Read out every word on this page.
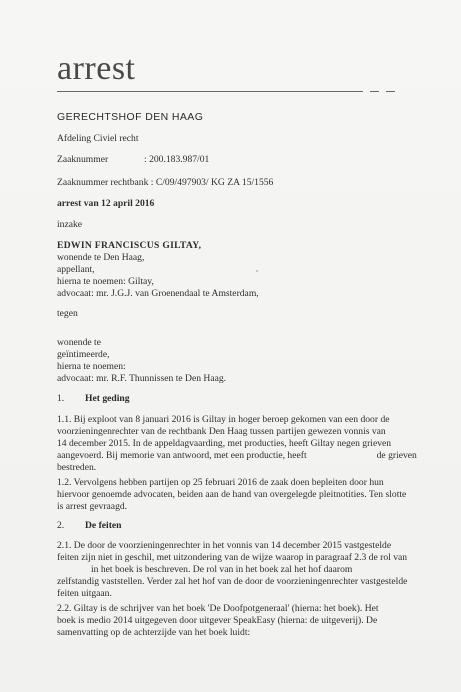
arrest
GERECHTSHOF DEN HAAG
Afdeling Civiel recht
Zaaknummer	: 200.183.987/01
Zaaknummer rechtbank : C/09/497903/ KG ZA 15/1556
arrest van 12 april 2016
inzake
EDWIN FRANCISCUS GILTAY,
wonende te Den Haag,
appellant,
hierna te noemen: Giltay,
advocaat: mr. J.G.J. van Groenendaal te Amsterdam,
tegen
wonende te
geïntimeerde,
hierna te noemen:
advocaat: mr. R.F. Thunnissen te Den Haag.
1. Het geding
1.1. Bij exploot van 8 januari 2016 is Giltay in hoger beroep gekomen van een door de
voorzieningenrechter van de rechtbank Den Haag tussen partijen gewezen vonnis van
14 december 2015. In de appeldagvaarding, met producties, heeft Giltay negen grieven
aangevoerd. Bij memorie van antwoord, met een productie, heeft	de grieven
bestreden.
1.2. Vervolgens hebben partijen op 25 februari 2016 de zaak doen bepleiten door hun
hiervoor genoemde advocaten, beiden aan de hand van overgelegde pleitnotities. Ten slotte
is arrest gevraagd.
2. De feiten
2.1. De door de voorzieningenrechter in het vonnis van 14 december 2015 vastgestelde
feiten zijn niet in geschil, met uitzondering van de wijze waarop in paragraaf 2.3 de rol van
in het boek is beschreven. De rol van in het boek zal het hof daarom
zelfstandig vaststellen. Verder zal het hof van de door de voorzieningenrechter vastgestelde
feiten uitgaan.
2.2. Giltay is de schrijver van het boek 'De Doofpotgeneraal' (hierna: het boek). Het
boek is medio 2014 uitgegeven door uitgever SpeakEasy (hierna: de uitgeverij). De
samenvatting op de achterzijde van het boek luidt:
